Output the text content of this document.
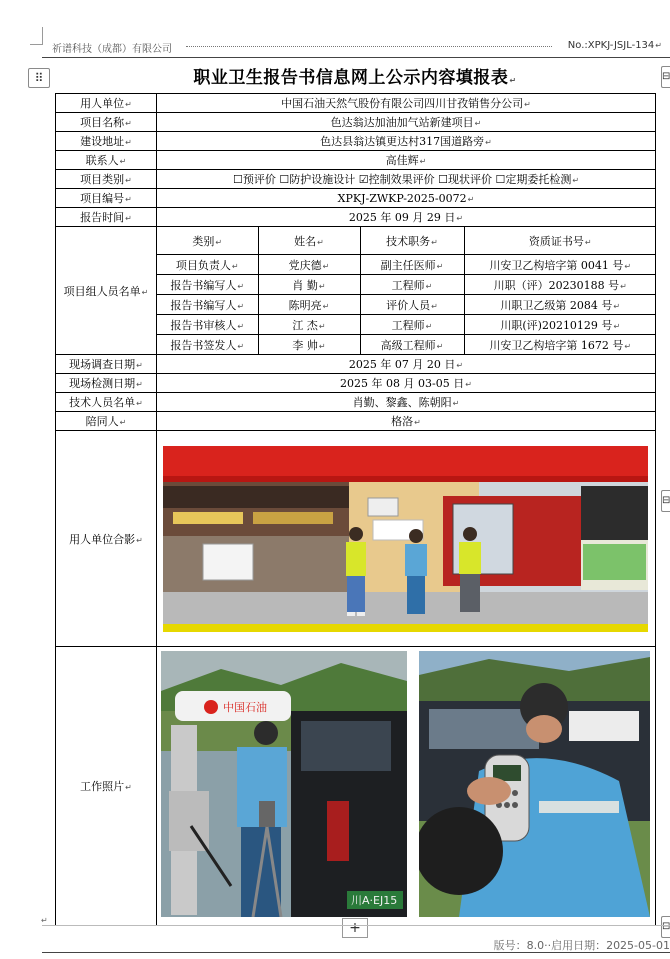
祈谱科技（成都）有限公司	No.:XPKJ-JSJL-134↵
⠿	⊟
⊟
⊟
职业卫生报告书信息网上公示内容填报表↵
用人单位↵	中国石油天然气股份有限公司四川甘孜销售分公司↵
项目名称↵	色达翁达加油加气站新建项目↵
建设地址↵	色达县翁达镇更达村317国道路旁↵
联系人↵	高佳辉↵
项目类别↵	☐预评价 ☐防护设施设计 ☑控制效果评价 ☐现状评价 ☐定期委托检测↵
项目编号↵	XPKJ-ZWKP-2025-0072↵
报告时间↵	2025 年 09 月 29 日↵
项目组人员名单↵	
类别↵	姓名↵	技术职务↵	资质证书号↵
项目负责人↵	党庆德↵	副主任医师↵	川安卫乙构培字第 0041 号↵
报告书编写人↵	肖 勤↵	工程师↵	川职（评）20230188 号↵
报告书编写人↵	陈明亮↵	评价人员↵	川职卫乙级第 2084 号↵
报告书审核人↵	江 杰↵	工程师↵	川职(评)20210129 号↵
报告书签发人↵	李 帅↵	高级工程师↵	川安卫乙构培字第 1672 号↵

现场调查日期↵	2025 年 07 月 20 日↵
现场检测日期↵	2025 年 08 月 03-05 日↵
技术人员名单↵	肖勤、黎鑫、陈朝阳↵
陪同人↵	格洛↵
用人单位合影↵	

工作照片↵	
中国石油
川A·EJ15
↵	+
版号：8.0··启用日期：2025-05-01
